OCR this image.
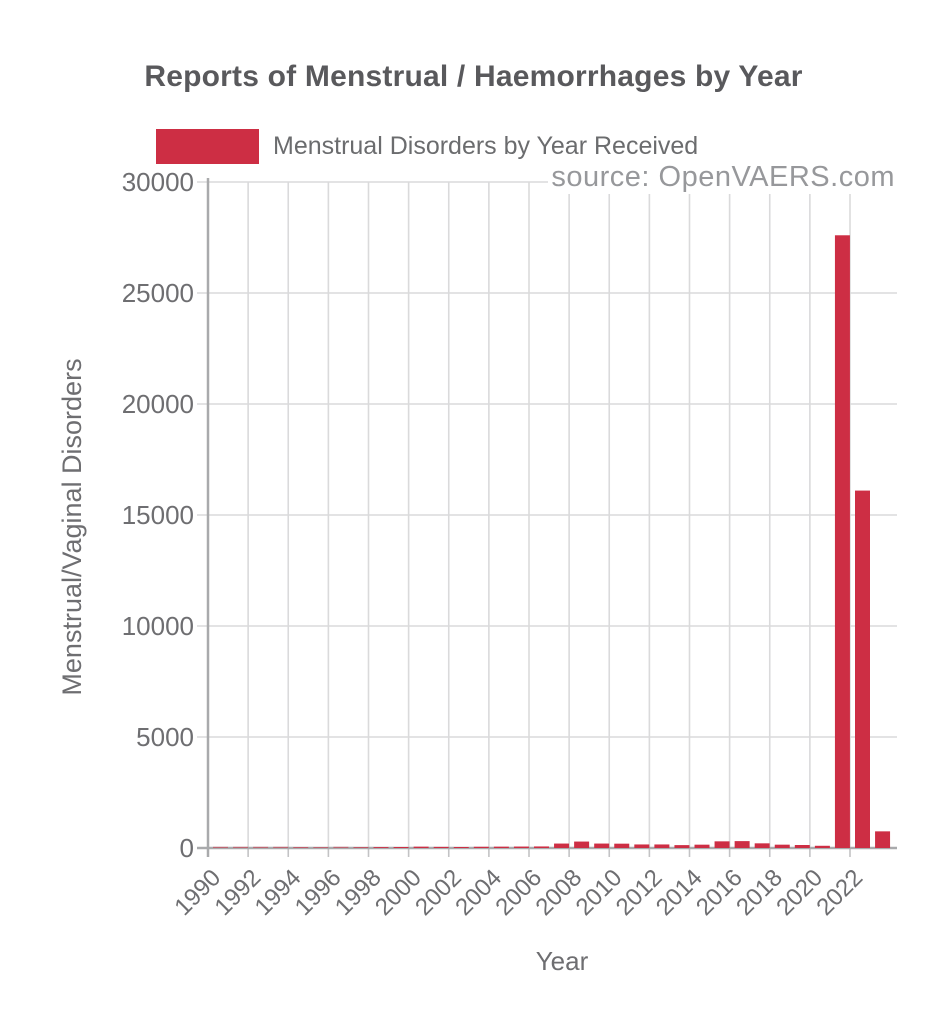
0
5000
10000
15000
20000
25000
30000
1990
1992
1994
1996
1998
2000
2002
2004
2006
2008
2010
2012
2014
2016
2018
2020
2022
Reports of Menstrual / Haemorrhages by Year
Menstrual Disorders by Year Received
source: OpenVAERS.com
Menstrual/Vaginal Disorders
Year
